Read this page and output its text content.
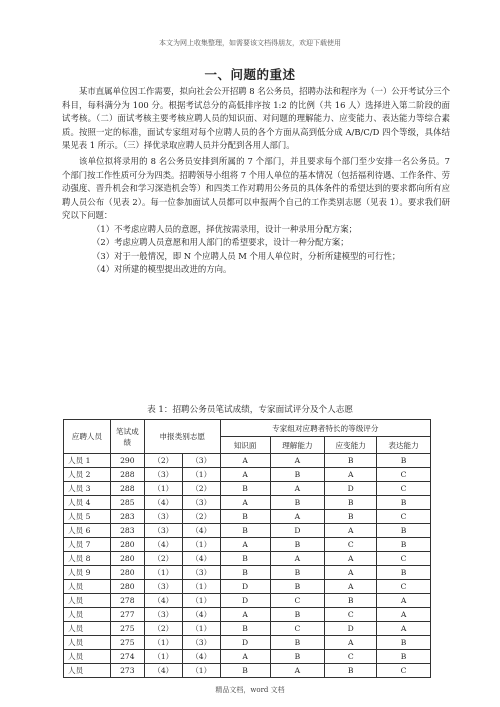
本文为网上收集整理，如需要该文档得朋友，欢迎下载使用
一、问题的重述

某市直属单位因工作需要，拟向社会公开招聘 8 名公务员，招聘办法和程序为（一）公开考试分三个科目，每科满分为 100 分。根据考试总分的高低排序按 1:2 的比例（共 16 人）选择进入第二阶段的面试考核。（二）面试考核主要考核应聘人员的知识面、对问题的理解能力、应变能力、表达能力等综合素质。按照一定的标准，面试专家组对每个应聘人员的各个方面从高到低分成 A/B/C/D 四个等级，具体结果见表 1 所示。（三）择优录取应聘人员并分配到各用人部门。

该单位拟将录用的 8 名公务员安排到所属的 7 个部门，并且要求每个部门至少安排一名公务员。7 个部门按工作性质可分为四类。招聘领导小组将 7 个用人单位的基本情况（包括福利待遇、工作条件、劳动强度、晋升机会和学习深造机会等）和四类工作对聘用公务员的具体条件的希望达到的要求都向所有应聘人员公布（见表 2）。每一位参加面试人员都可以申报两个自己的工作类别志愿（见表 1）。要求我们研究以下问题：

（1）不考虑应聘人员的意愿，择优按需录用，设计一种录用分配方案；
（2）考虑应聘人员意愿和用人部门的希望要求，设计一种分配方案；
（3）对于一般情况，即 N 个应聘人员 M 个用人单位时，分析所建模型的可行性；
（4）对所建的模型提出改进的方向。
表 1：招聘公务员笔试成绩，专家面试评分及个人志愿
应聘人员	笔试成绩	申报类别志愿		专家组对应聘者特长的等级评分			
				知识面	理解能力	应变能力	表达能力
人员 1	290	（2）	（3）	A	A	B	B
人员 2	288	（3）	（1）	A	B	A	C
人员 3	288	（1）	（2）	B	A	D	C
人员 4	285	（4）	（3）	A	B	B	B
人员 5	283	（3）	（2）	B	A	B	C
人员 6	283	（3）	（4）	B	D	A	B
人员 7	280	（4）	（1）	A	B	C	B
人员 8	280	（2）	（4）	B	A	A	C
人员 9	280	（1）	（3）	B	B	A	B
人员	280	（3）	（1）	D	B	A	C
人员	278	（4）	（1）	D	C	B	A
人员	277	（3）	（4）	A	B	C	A
人员	275	（2）	（1）	B	C	D	A
人员	275	（1）	（3）	D	B	A	B
人员	274	（1）	（4）	A	B	C	B
人员	273	（4）	（1）	B	A	B	C
精品文档，word 文档
